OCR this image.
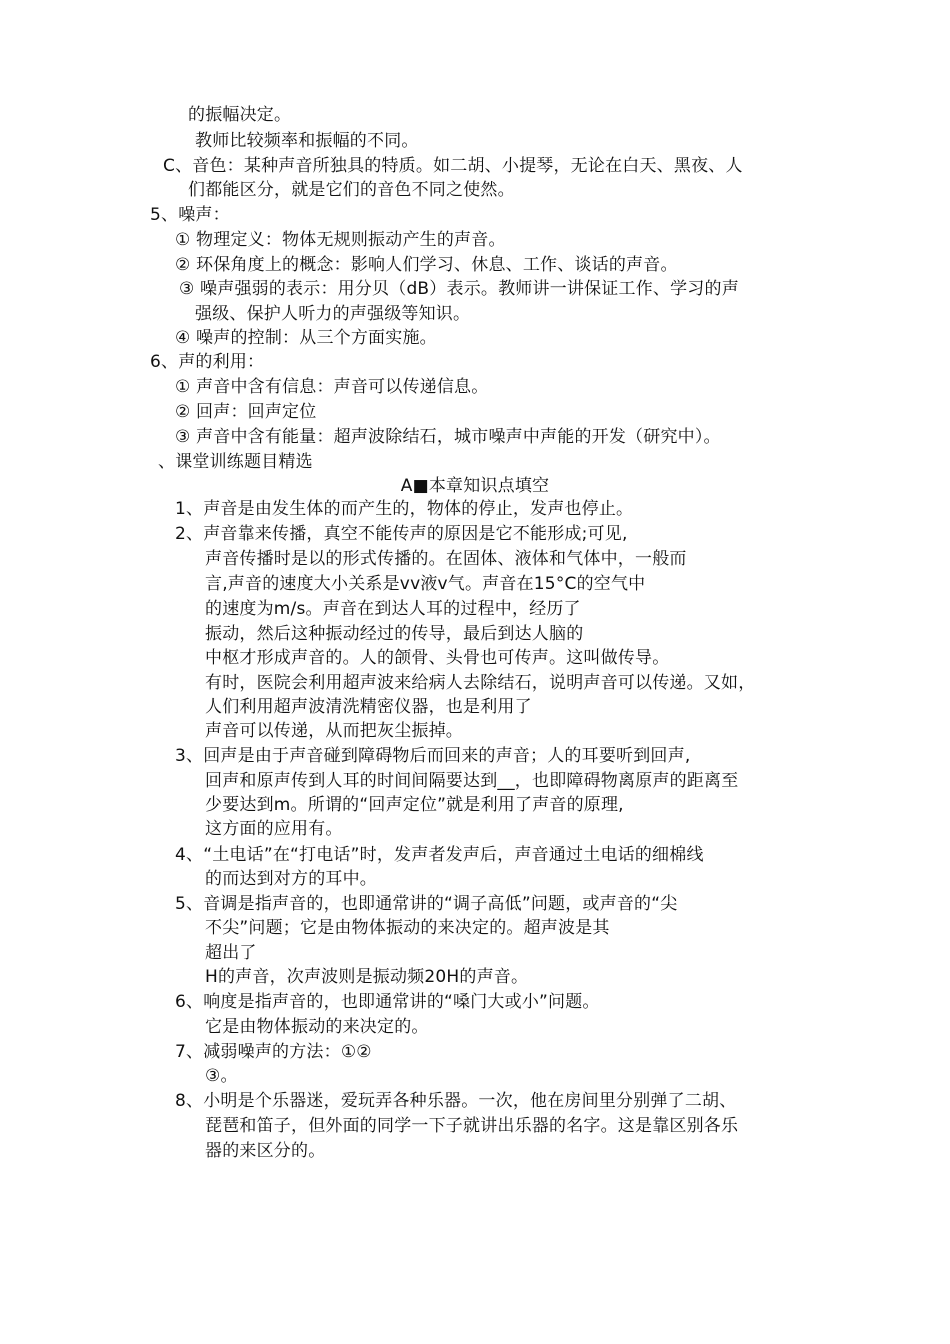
的振幅决定。
教师比较频率和振幅的不同。
C、音色：某种声音所独具的特质。如二胡、小提琴，无论在白天、黑夜、人
们都能区分，就是它们的音色不同之使然。
5、噪声：
① 物理定义：物体无规则振动产生的声音。
② 环保角度上的概念：影响人们学习、休息、工作、谈话的声音。
③ 噪声强弱的表示：用分贝（dB）表示。教师讲一讲保证工作、学习的声
强级、保护人听力的声强级等知识。
④ 噪声的控制：从三个方面实施。
6、声的利用：
① 声音中含有信息：声音可以传递信息。
② 回声：回声定位
③ 声音中含有能量：超声波除结石，城市噪声中声能的开发（研究中）。
、课堂训练题目精选
A■本章知识点填空
1、声音是由发生体的而产生的，物体的停止，发声也停止。
2、声音靠来传播，真空不能传声的原因是它不能形成;可见,
声音传播时是以的形式传播的。在固体、液体和气体中，一般而
言,声音的速度大小关系是vv液v气。声音在15°C的空气中
的速度为m/s。声音在到达人耳的过程中，经历了
振动，然后这种振动经过的传导，最后到达人脑的
中枢才形成声音的。人的颌骨、头骨也可传声。这叫做传导。
有时，医院会利用超声波来给病人去除结石，说明声音可以传递。又如，
人们利用超声波清洗精密仪器，也是利用了
声音可以传递，从而把灰尘振掉。
3、回声是由于声音碰到障碍物后而回来的声音；人的耳要听到回声,
回声和原声传到人耳的时间间隔要达到__，也即障碍物离原声的距离至
少要达到m。所谓的“回声定位”就是利用了声音的原理,
这方面的应用有。
4、“土电话”在“打电话”时，发声者发声后，声音通过土电话的细棉线
的而达到对方的耳中。
5、音调是指声音的，也即通常讲的“调子高低”问题，或声音的“尖
不尖”问题；它是由物体振动的来决定的。超声波是其
超出了
H的声音，次声波则是振动频20H的声音。
6、响度是指声音的，也即通常讲的“嗓门大或小”问题。
它是由物体振动的来决定的。
7、减弱噪声的方法：①②
③。
8、小明是个乐器迷，爱玩弄各种乐器。一次，他在房间里分别弹了二胡、
琵琶和笛子，但外面的同学一下子就讲出乐器的名字。这是靠区别各乐
器的来区分的。
